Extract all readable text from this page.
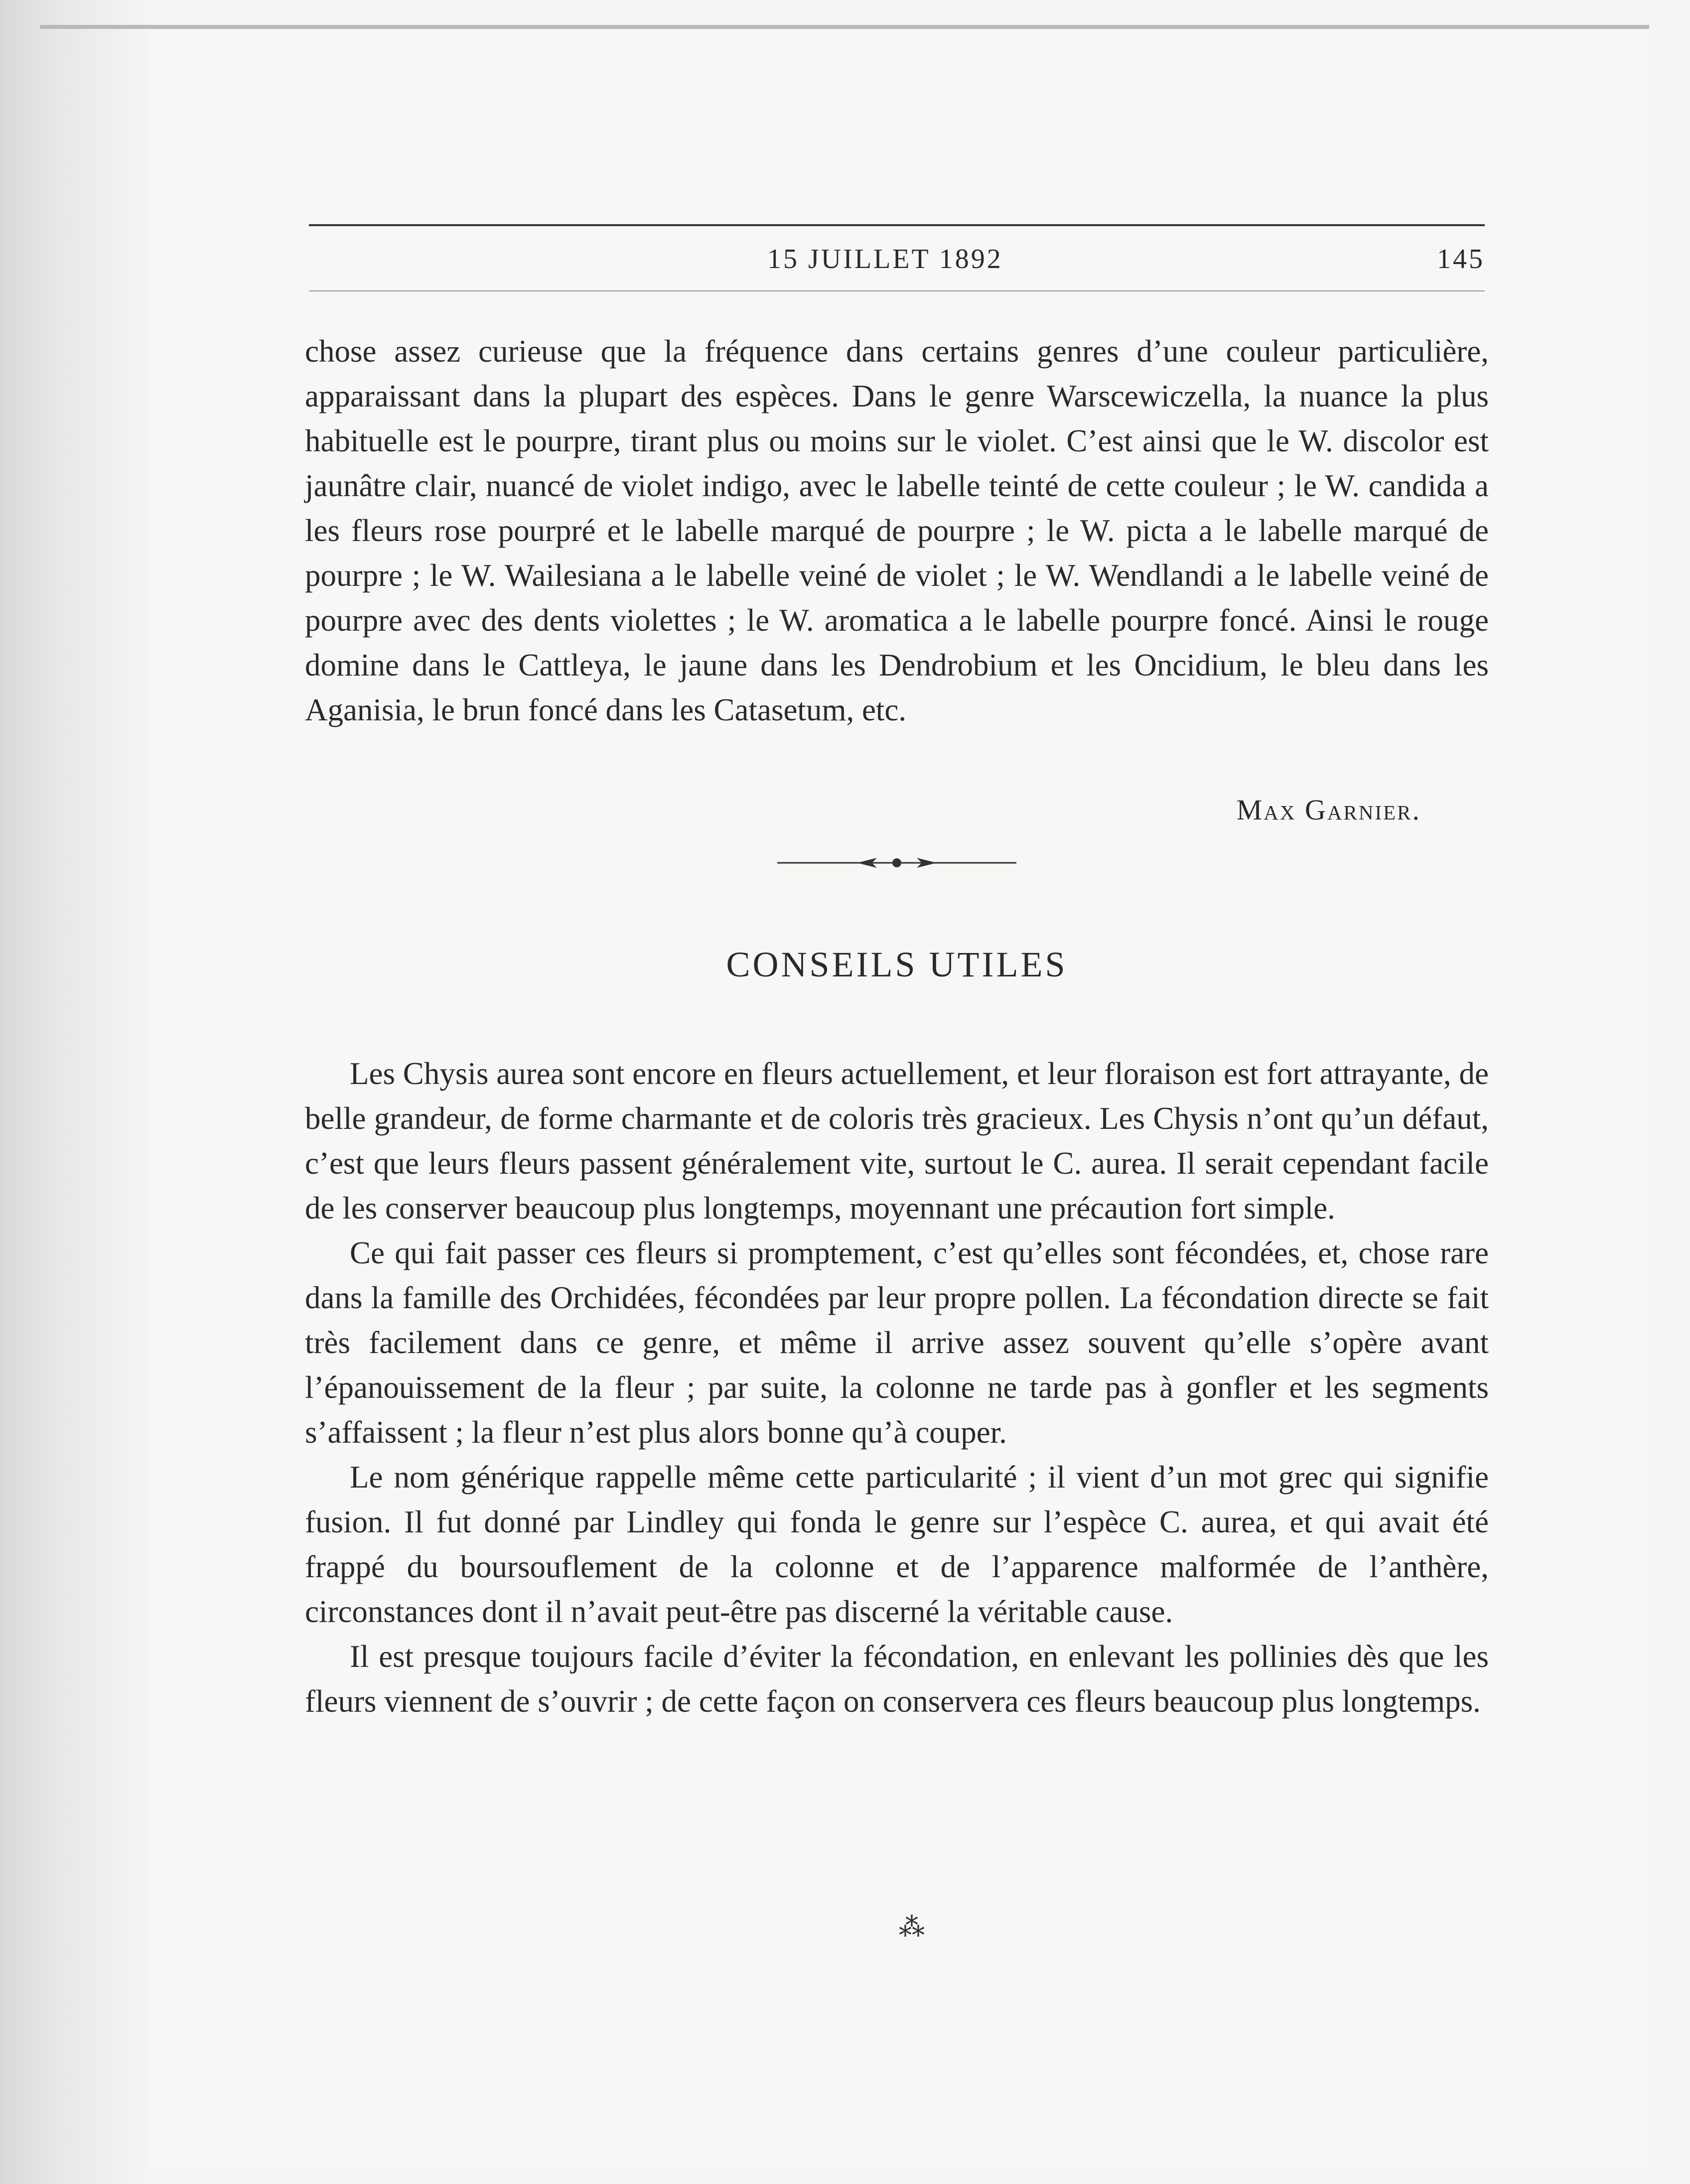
15 JUILLET 1892	145

chose assez curieuse que la fréquence dans certains genres d’une couleur particulière, apparaissant dans la plupart des espèces. Dans le genre Warscewiczella, la nuance la plus habituelle est le pourpre, tirant plus ou moins sur le violet. C’est ainsi que le W. discolor est jaunâtre clair, nuancé de violet indigo, avec le labelle teinté de cette couleur ; le W. candida a les fleurs rose pourpré et le labelle marqué de pourpre ; le W. picta a le labelle marqué de pourpre ; le W. Wailesiana a le labelle veiné de violet ; le W. Wendlandi a le labelle veiné de pourpre avec des dents violettes ; le W. aromatica a le labelle pourpre foncé. Ainsi le rouge domine dans le Cattleya, le jaune dans les Dendrobium et les Oncidium, le bleu dans les Aganisia, le brun foncé dans les Catasetum, etc.

Max Garnier.
CONSEILS UTILES

Les Chysis aurea sont encore en fleurs actuellement, et leur floraison est fort attrayante, de belle grandeur, de forme charmante et de coloris très gracieux. Les Chysis n’ont qu’un défaut, c’est que leurs fleurs passent généralement vite, surtout le C. aurea. Il serait cependant facile de les conserver beaucoup plus longtemps, moyennant une précaution fort simple.

Ce qui fait passer ces fleurs si promptement, c’est qu’elles sont fécondées, et, chose rare dans la famille des Orchidées, fécondées par leur propre pollen. La fécondation directe se fait très facilement dans ce genre, et même il arrive assez souvent qu’elle s’opère avant l’épanouissement de la fleur ; par suite, la colonne ne tarde pas à gonfler et les segments s’affaissent ; la fleur n’est plus alors bonne qu’à couper.

Le nom générique rappelle même cette particularité ; il vient d’un mot grec qui signifie fusion. Il fut donné par Lindley qui fonda le genre sur l’espèce C. aurea, et qui avait été frappé du boursouflement de la colonne et de l’apparence malformée de l’anthère, circonstances dont il n’avait peut-être pas discerné la véritable cause.

Il est presque toujours facile d’éviter la fécondation, en enlevant les pollinies dès que les fleurs viennent de s’ouvrir ; de cette façon on conservera ces fleurs beaucoup plus longtemps.

⁂
